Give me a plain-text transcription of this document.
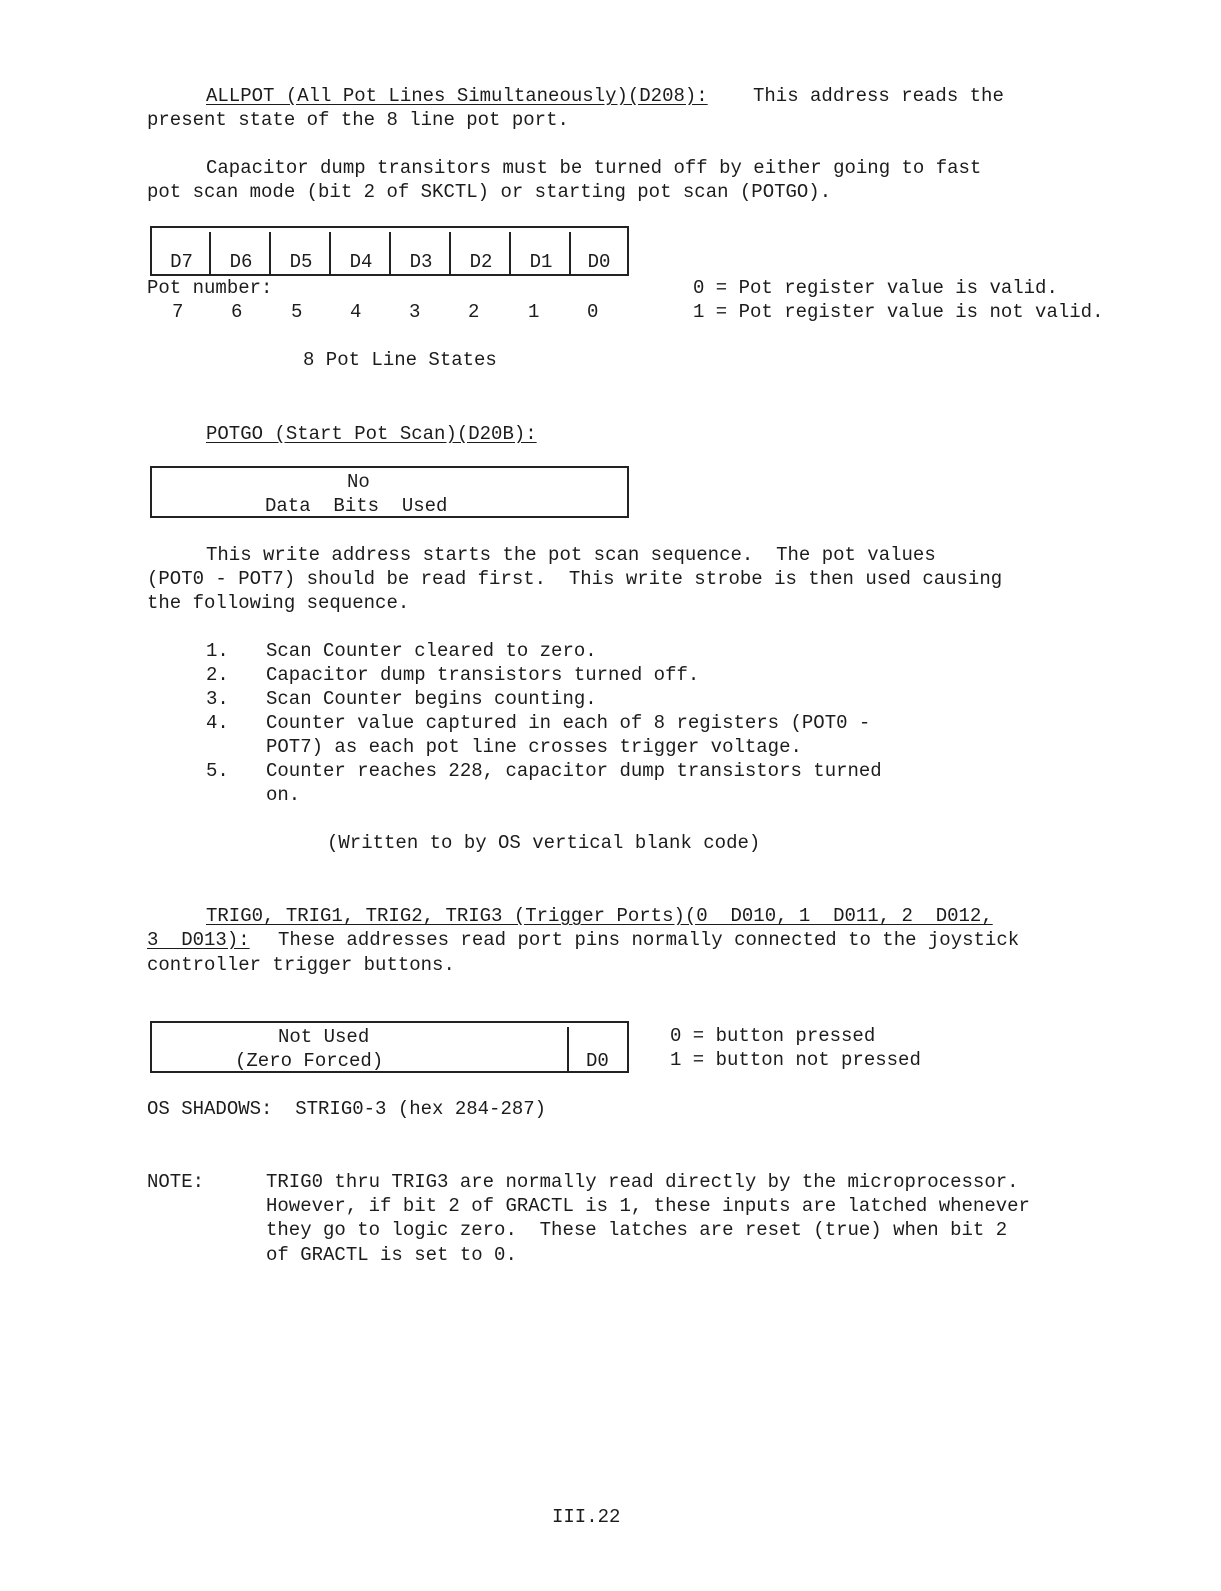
ALLPOT (All Pot Lines Simultaneously)(D208): This address reads the
present state of the 8 line pot port.
Capacitor dump transitors must be turned off by either going to fast
pot scan mode (bit 2 of SKCTL) or starting pot scan (POTGO).
D7	D6	D5	D4	D3	D2	D1	D0
Pot number:
7	6	5	4	3	2	1	0
0 = Pot register value is valid.
1 = Pot register value is not valid.
8 Pot Line States
POTGO (Start Pot Scan)(D20B):
No
Data  Bits  Used
This write address starts the pot scan sequence.  The pot values
(POT0 - POT7) should be read first.  This write strobe is then used causing
the following sequence.
1. Scan Counter cleared to zero.
2. Capacitor dump transistors turned off.
3. Scan Counter begins counting.
4. Counter value captured in each of 8 registers (POT0 -
POT7) as each pot line crosses trigger voltage.
5. Counter reaches 228, capacitor dump transistors turned
on.
(Written to by OS vertical blank code)
TRIG0, TRIG1, TRIG2, TRIG3 (Trigger Ports)(0  D010, 1  D011, 2  D012,
3  D013): These addresses read port pins normally connected to the joystick
controller trigger buttons.
Not Used
(Zero Forced)	D0
0 = button pressed
1 = button not pressed
OS SHADOWS:  STRIG0-3 (hex 284-287)
NOTE:	TRIG0 thru TRIG3 are normally read directly by the microprocessor.
However, if bit 2 of GRACTL is 1, these inputs are latched whenever
they go to logic zero.  These latches are reset (true) when bit 2
of GRACTL is set to 0.
III.22
